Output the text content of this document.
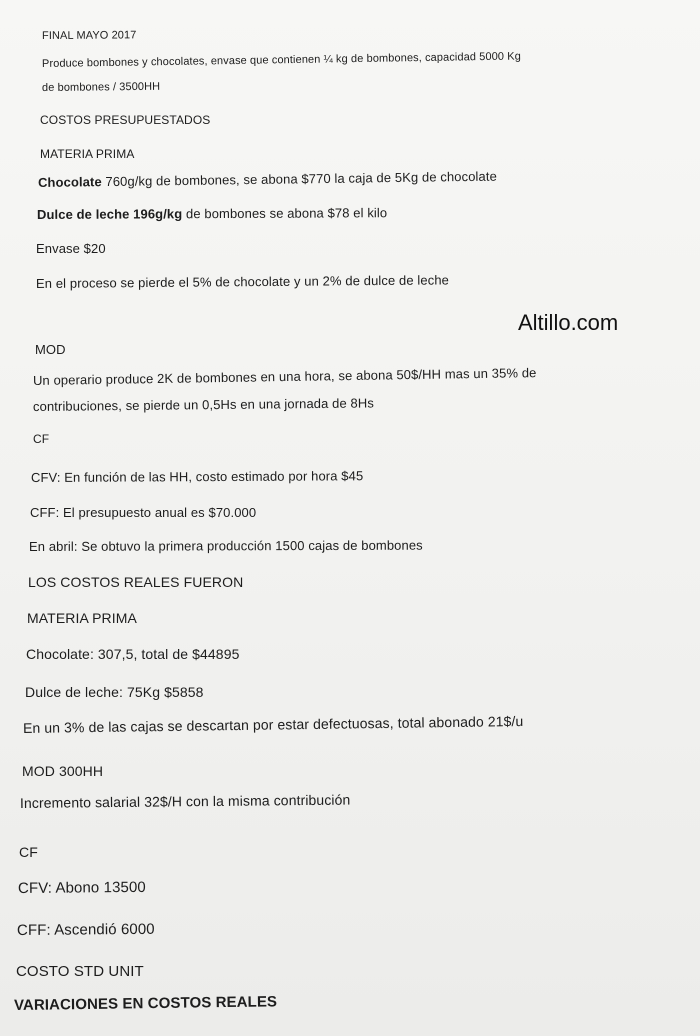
FINAL MAYO 2017
Produce bombones y chocolates, envase que contienen ¼ kg de bombones, capacidad 5000 Kg
de bombones / 3500HH
COSTOS PRESUPUESTADOS
MATERIA PRIMA
Chocolate 760g/kg de bombones, se abona $770 la caja de 5Kg de chocolate
Dulce de leche 196g/kg de bombones se abona $78 el kilo
Envase $20
En el proceso se pierde el 5% de chocolate y un 2% de dulce de leche
Altillo.com
MOD
Un operario produce 2K de bombones en una hora, se abona 50$/HH mas un 35% de
contribuciones, se pierde un 0,5Hs en una jornada de 8Hs
CF
CFV: En función de las HH, costo estimado por hora $45
CFF: El presupuesto anual es $70.000
En abril: Se obtuvo la primera producción 1500 cajas de bombones
LOS COSTOS REALES FUERON
MATERIA PRIMA
Chocolate: 307,5, total de $44895
Dulce de leche: 75Kg $5858
En un 3% de las cajas se descartan por estar defectuosas, total abonado 21$/u
MOD 300HH
Incremento salarial 32$/H con la misma contribución
CF
CFV: Abono 13500
CFF: Ascendió 6000
COSTO STD UNIT
VARIACIONES EN COSTOS REALES
